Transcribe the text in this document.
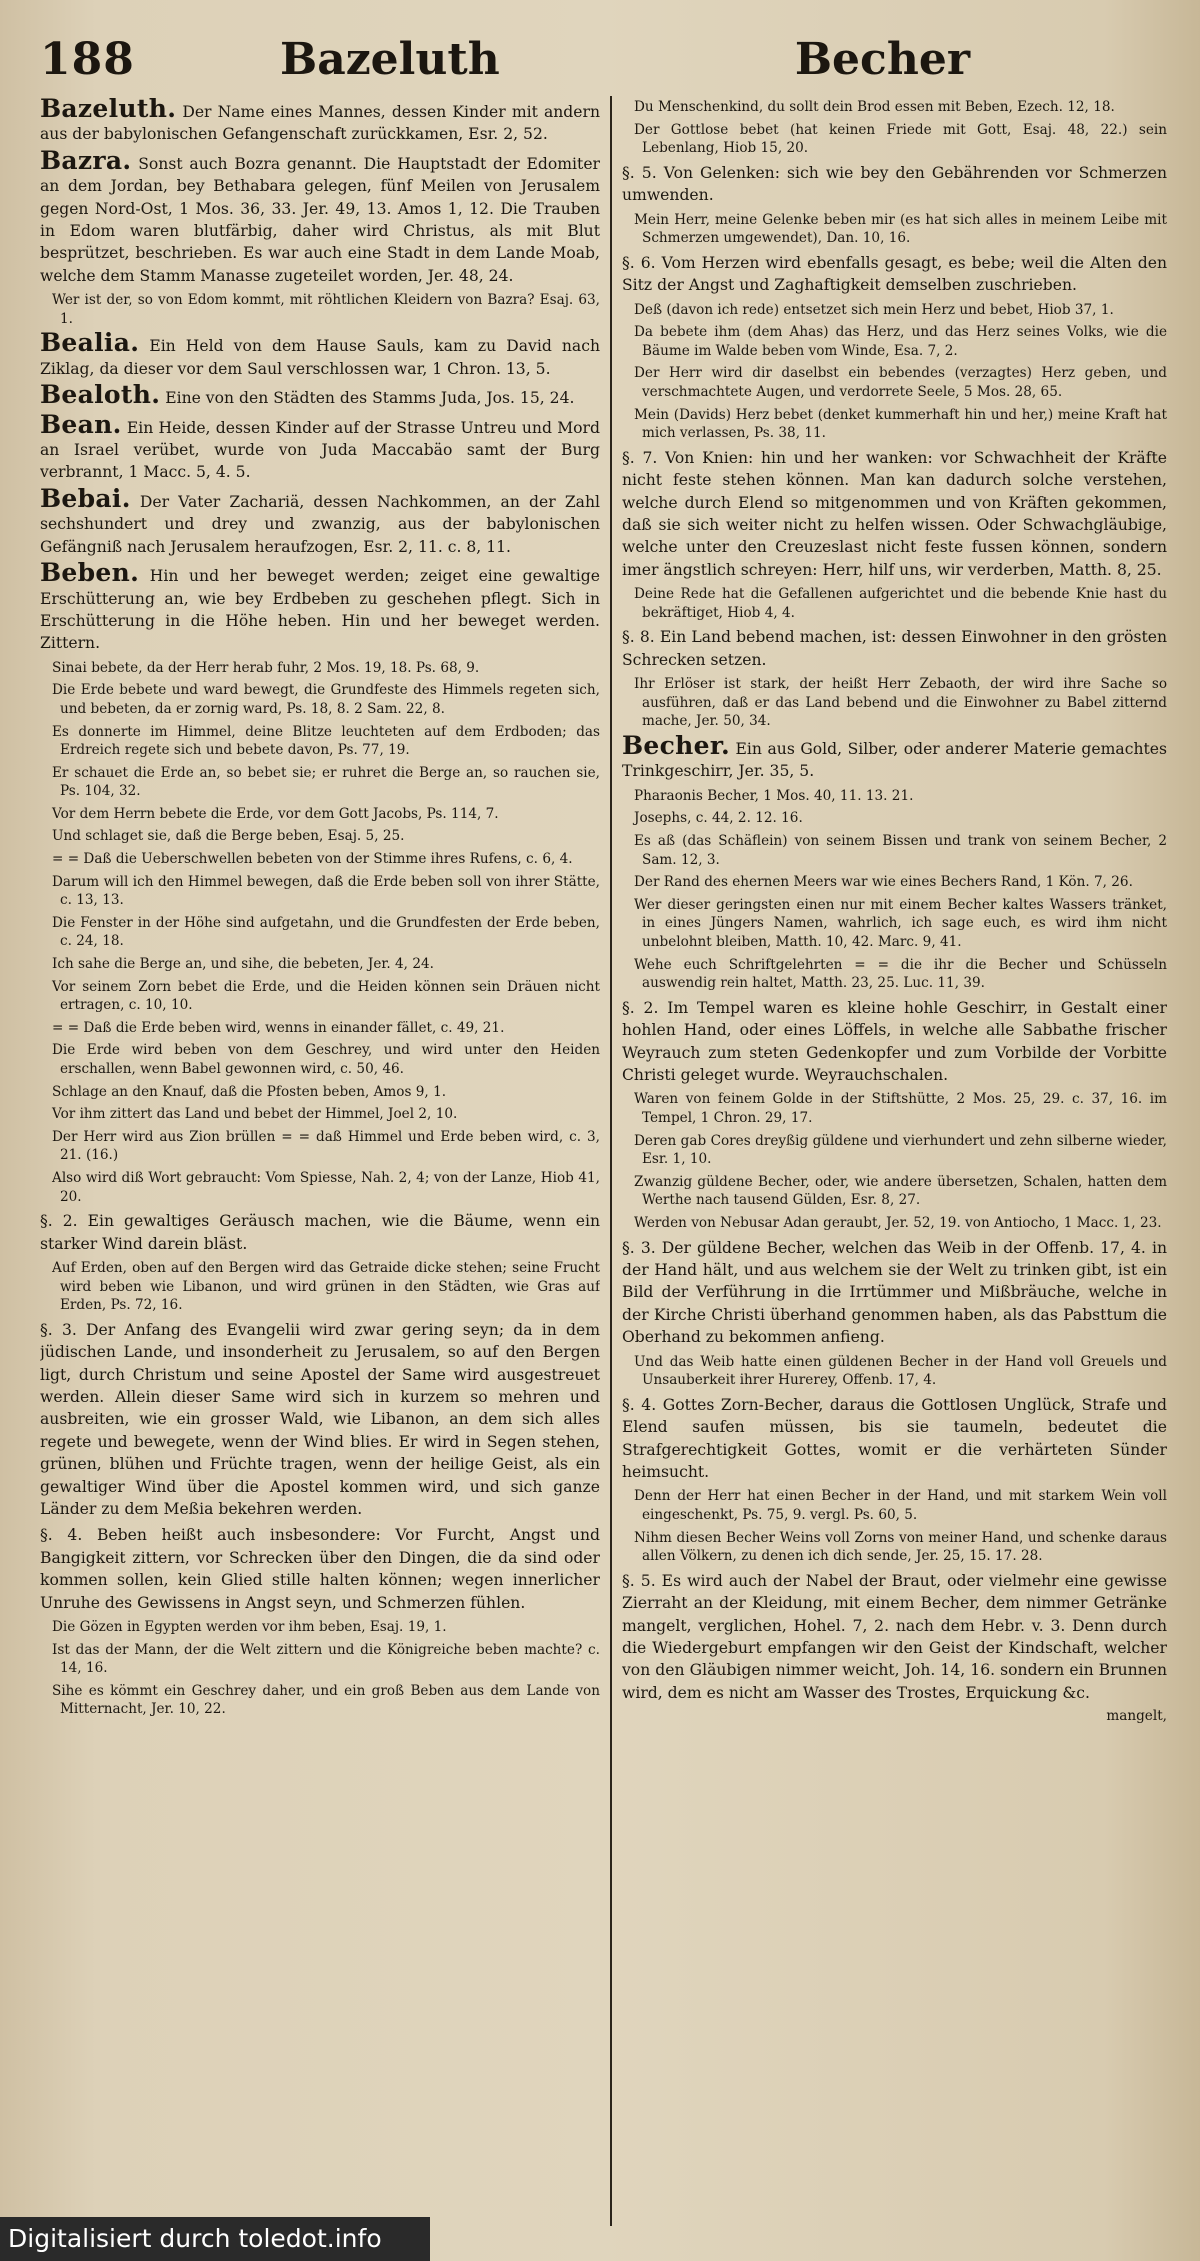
188	Bazeluth	Becher

Bazeluth. Der Name eines Mannes, dessen Kinder mit andern aus der babylonischen Gefangenschaft zurückkamen, Esr. 2, 52.

Bazra. Sonst auch Bozra genannt. Die Hauptstadt der Edomiter an dem Jordan, bey Bethabara gelegen, fünf Meilen von Jerusalem gegen Nord-Ost, 1 Mos. 36, 33. Jer. 49, 13. Amos 1, 12. Die Trauben in Edom waren blutfärbig, daher wird Christus, als mit Blut besprützet, beschrieben. Es war auch eine Stadt in dem Lande Moab, welche dem Stamm Manasse zugeteilet worden, Jer. 48, 24.

Wer ist der, so von Edom kommt, mit röhtlichen Kleidern von Bazra? Esaj. 63, 1.

Bealia. Ein Held von dem Hause Sauls, kam zu David nach Ziklag, da dieser vor dem Saul verschlossen war, 1 Chron. 13, 5.

Bealoth. Eine von den Städten des Stamms Juda, Jos. 15, 24.

Bean. Ein Heide, dessen Kinder auf der Strasse Untreu und Mord an Israel verübet, wurde von Juda Maccabäo samt der Burg verbrannt, 1 Macc. 5, 4. 5.

Bebai. Der Vater Zachariä, dessen Nachkommen, an der Zahl sechshundert und drey und zwanzig, aus der babylonischen Gefängniß nach Jerusalem heraufzogen, Esr. 2, 11. c. 8, 11.

Beben. Hin und her beweget werden; zeiget eine gewaltige Erschütterung an, wie bey Erdbeben zu geschehen pflegt. Sich in Erschütterung in die Höhe heben. Hin und her beweget werden. Zittern.

Sinai bebete, da der Herr herab fuhr, 2 Mos. 19, 18. Ps. 68, 9.

Die Erde bebete und ward bewegt, die Grundfeste des Himmels regeten sich, und bebeten, da er zornig ward, Ps. 18, 8. 2 Sam. 22, 8.

Es donnerte im Himmel, deine Blitze leuchteten auf dem Erdboden; das Erdreich regete sich und bebete davon, Ps. 77, 19.

Er schauet die Erde an, so bebet sie; er ruhret die Berge an, so rauchen sie, Ps. 104, 32.

Vor dem Herrn bebete die Erde, vor dem Gott Jacobs, Ps. 114, 7.

Und schlaget sie, daß die Berge beben, Esaj. 5, 25.

= = Daß die Ueberschwellen bebeten von der Stimme ihres Rufens, c. 6, 4.

Darum will ich den Himmel bewegen, daß die Erde beben soll von ihrer Stätte, c. 13, 13.

Die Fenster in der Höhe sind aufgetahn, und die Grundfesten der Erde beben, c. 24, 18.

Ich sahe die Berge an, und sihe, die bebeten, Jer. 4, 24.

Vor seinem Zorn bebet die Erde, und die Heiden können sein Dräuen nicht ertragen, c. 10, 10.

= = Daß die Erde beben wird, wenns in einander fället, c. 49, 21.

Die Erde wird beben von dem Geschrey, und wird unter den Heiden erschallen, wenn Babel gewonnen wird, c. 50, 46.

Schlage an den Knauf, daß die Pfosten beben, Amos 9, 1.

Vor ihm zittert das Land und bebet der Himmel, Joel 2, 10.

Der Herr wird aus Zion brüllen = = daß Himmel und Erde beben wird, c. 3, 21. (16.)

Also wird diß Wort gebraucht: Vom Spiesse, Nah. 2, 4; von der Lanze, Hiob 41, 20.

§. 2. Ein gewaltiges Geräusch machen, wie die Bäume, wenn ein starker Wind darein bläst.

Auf Erden, oben auf den Bergen wird das Getraide dicke stehen; seine Frucht wird beben wie Libanon, und wird grünen in den Städten, wie Gras auf Erden, Ps. 72, 16.

§. 3. Der Anfang des Evangelii wird zwar gering seyn; da in dem jüdischen Lande, und insonderheit zu Jerusalem, so auf den Bergen ligt, durch Christum und seine Apostel der Same wird ausgestreuet werden. Allein dieser Same wird sich in kurzem so mehren und ausbreiten, wie ein grosser Wald, wie Libanon, an dem sich alles regete und bewegete, wenn der Wind blies. Er wird in Segen stehen, grünen, blühen und Früchte tragen, wenn der heilige Geist, als ein gewaltiger Wind über die Apostel kommen wird, und sich ganze Länder zu dem Meßia bekehren werden.

§. 4. Beben heißt auch insbesondere: Vor Furcht, Angst und Bangigkeit zittern, vor Schrecken über den Dingen, die da sind oder kommen sollen, kein Glied stille halten können; wegen innerlicher Unruhe des Gewissens in Angst seyn, und Schmerzen fühlen.

Die Gözen in Egypten werden vor ihm beben, Esaj. 19, 1.

Ist das der Mann, der die Welt zittern und die Königreiche beben machte? c. 14, 16.

Sihe es kömmt ein Geschrey daher, und ein groß Beben aus dem Lande von Mitternacht, Jer. 10, 22.

Du Menschenkind, du sollt dein Brod essen mit Beben, Ezech. 12, 18.

Der Gottlose bebet (hat keinen Friede mit Gott, Esaj. 48, 22.) sein Lebenlang, Hiob 15, 20.

§. 5. Von Gelenken: sich wie bey den Gebährenden vor Schmerzen umwenden.

Mein Herr, meine Gelenke beben mir (es hat sich alles in meinem Leibe mit Schmerzen umgewendet), Dan. 10, 16.

§. 6. Vom Herzen wird ebenfalls gesagt, es bebe; weil die Alten den Sitz der Angst und Zaghaftigkeit demselben zuschrieben.

Deß (davon ich rede) entsetzet sich mein Herz und bebet, Hiob 37, 1.

Da bebete ihm (dem Ahas) das Herz, und das Herz seines Volks, wie die Bäume im Walde beben vom Winde, Esa. 7, 2.

Der Herr wird dir daselbst ein bebendes (verzagtes) Herz geben, und verschmachtete Augen, und verdorrete Seele, 5 Mos. 28, 65.

Mein (Davids) Herz bebet (denket kummerhaft hin und her,) meine Kraft hat mich verlassen, Ps. 38, 11.

§. 7. Von Knien: hin und her wanken: vor Schwachheit der Kräfte nicht feste stehen können. Man kan dadurch solche verstehen, welche durch Elend so mitgenommen und von Kräften gekommen, daß sie sich weiter nicht zu helfen wissen. Oder Schwachgläubige, welche unter den Creuzeslast nicht feste fussen können, sondern imer ängstlich schreyen: Herr, hilf uns, wir verderben, Matth. 8, 25.

Deine Rede hat die Gefallenen aufgerichtet und die bebende Knie hast du bekräftiget, Hiob 4, 4.

§. 8. Ein Land bebend machen, ist: dessen Einwohner in den grösten Schrecken setzen.

Ihr Erlöser ist stark, der heißt Herr Zebaoth, der wird ihre Sache so ausführen, daß er das Land bebend und die Einwohner zu Babel zitternd mache, Jer. 50, 34.

Becher. Ein aus Gold, Silber, oder anderer Materie gemachtes Trinkgeschirr, Jer. 35, 5.

Pharaonis Becher, 1 Mos. 40, 11. 13. 21.

Josephs, c. 44, 2. 12. 16.

Es aß (das Schäflein) von seinem Bissen und trank von seinem Becher, 2 Sam. 12, 3.

Der Rand des ehernen Meers war wie eines Bechers Rand, 1 Kön. 7, 26.

Wer dieser geringsten einen nur mit einem Becher kaltes Wassers tränket, in eines Jüngers Namen, wahrlich, ich sage euch, es wird ihm nicht unbelohnt bleiben, Matth. 10, 42. Marc. 9, 41.

Wehe euch Schriftgelehrten = = die ihr die Becher und Schüsseln auswendig rein haltet, Matth. 23, 25. Luc. 11, 39.

§. 2. Im Tempel waren es kleine hohle Geschirr, in Gestalt einer hohlen Hand, oder eines Löffels, in welche alle Sabbathe frischer Weyrauch zum steten Gedenkopfer und zum Vorbilde der Vorbitte Christi geleget wurde. Weyrauchschalen.

Waren von feinem Golde in der Stiftshütte, 2 Mos. 25, 29. c. 37, 16. im Tempel, 1 Chron. 29, 17.

Deren gab Cores dreyßig güldene und vierhundert und zehn silberne wieder, Esr. 1, 10.

Zwanzig güldene Becher, oder, wie andere übersetzen, Schalen, hatten dem Werthe nach tausend Gülden, Esr. 8, 27.

Werden von Nebusar Adan geraubt, Jer. 52, 19. von Antiocho, 1 Macc. 1, 23.

§. 3. Der güldene Becher, welchen das Weib in der Offenb. 17, 4. in der Hand hält, und aus welchem sie der Welt zu trinken gibt, ist ein Bild der Verführung in die Irrtümmer und Mißbräuche, welche in der Kirche Christi überhand genommen haben, als das Pabsttum die Oberhand zu bekommen anfieng.

Und das Weib hatte einen güldenen Becher in der Hand voll Greuels und Unsauberkeit ihrer Hurerey, Offenb. 17, 4.

§. 4. Gottes Zorn-Becher, daraus die Gottlosen Unglück, Strafe und Elend saufen müssen, bis sie taumeln, bedeutet die Strafgerechtigkeit Gottes, womit er die verhärteten Sünder heimsucht.

Denn der Herr hat einen Becher in der Hand, und mit starkem Wein voll eingeschenkt, Ps. 75, 9. vergl. Ps. 60, 5.

Nihm diesen Becher Weins voll Zorns von meiner Hand, und schenke daraus allen Völkern, zu denen ich dich sende, Jer. 25, 15. 17. 28.

§. 5. Es wird auch der Nabel der Braut, oder vielmehr eine gewisse Zierraht an der Kleidung, mit einem Becher, dem nimmer Getränke mangelt, verglichen, Hohel. 7, 2. nach dem Hebr. v. 3. Denn durch die Wiedergeburt empfangen wir den Geist der Kindschaft, welcher von den Gläubigen nimmer weicht, Joh. 14, 16. sondern ein Brunnen wird, dem es nicht am Wasser des Trostes, Erquickung &c.

mangelt,
Digitalisiert durch toledot.info
